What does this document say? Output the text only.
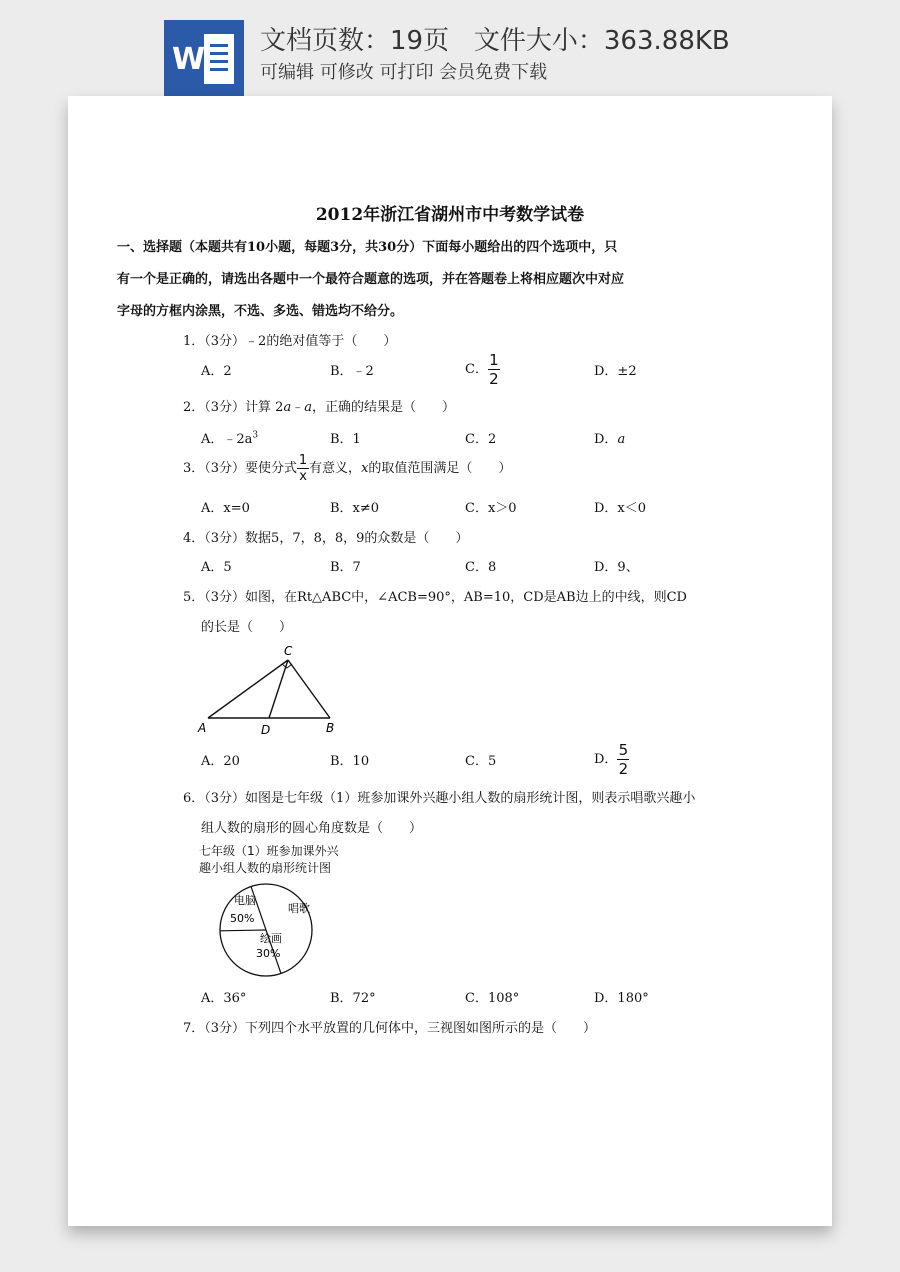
W
文档页数：19页 文件大小：363.88KB
可编辑 可修改 可打印 会员免费下载
2012年浙江省湖州市中考数学试卷
一、选择题（本题共有10小题，每题3分，共30分）下面每小题给出的四个选项中，只
有一个是正确的，请选出各题中一个最符合题意的选项，并在答题卷上将相应题次中对应
字母的方框内涂黑，不选、多选、错选均不给分。
1．（3分）﹣2的绝对值等于（　　）
A．2	B．﹣2	C． $\frac{1}{2}$	D．±2
2．（3分）计算 2a﹣a，正确的结果是（　　）
A．$﹣2a^3$	B．1	C．2	D．a
3．（3分）要使分式 $\frac{1}{x}$ 有意义，x的取值范围满足（　　）
A．x=0	B．x≠0	C．x＞0	D．x＜0
4．（3分）数据5，7，8，8，9的众数是（　　）
A．5	B．7	C．8	D．9、
5．（3分）如图，在Rt△ABC中，∠ACB=90°，AB=10，CD是AB边上的中线，则CD
的长是（　　）
A	B
C
D
A．20	B．10	C．5	D． $\frac{5}{2}$
6．（3分）如图是七年级（1）班参加课外兴趣小组人数的扇形统计图，则表示唱歌兴趣小
组人数的扇形的圆心角度数是（　　）
七年级（1）班参加课外兴
趣小组人数的扇形统计图
电脑
50%
唱歌
绘画
30%
A．36°	B．72°	C．108°	D．180°
7．（3分）下列四个水平放置的几何体中，三视图如图所示的是（　　）
